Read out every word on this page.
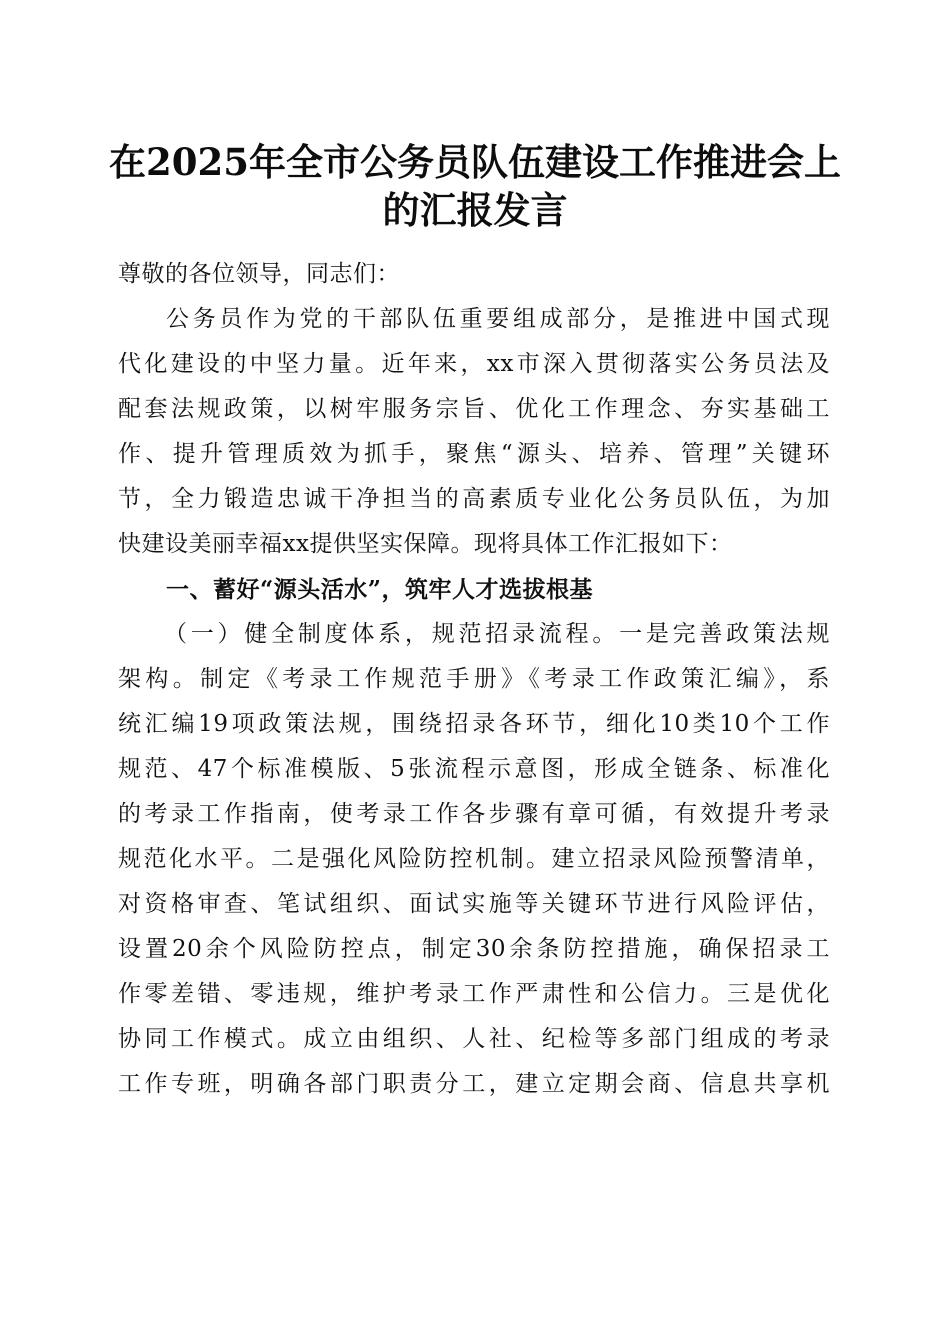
在2025年全市公务员队伍建设工作推进会上
的汇报发言
尊敬的各位领导，同志们：
公务员作为党的干部队伍重要组成部分，是推进中国式现
代化建设的中坚力量。近年来，xx市深入贯彻落实公务员法及
配套法规政策，以树牢服务宗旨、优化工作理念、夯实基础工
作、提升管理质效为抓手，聚焦“源头、培养、管理”关键环
节，全力锻造忠诚干净担当的高素质专业化公务员队伍，为加
快建设美丽幸福xx提供坚实保障。现将具体工作汇报如下：
一、蓄好“源头活水”，筑牢人才选拔根基
（一）健全制度体系，规范招录流程。一是完善政策法规
架构。制定《考录工作规范手册》《考录工作政策汇编》，系
统汇编19项政策法规，围绕招录各环节，细化10类10个工作
规范、47个标准模版、5张流程示意图，形成全链条、标准化
的考录工作指南，使考录工作各步骤有章可循，有效提升考录
规范化水平。二是强化风险防控机制。建立招录风险预警清单，
对资格审查、笔试组织、面试实施等关键环节进行风险评估，
设置20余个风险防控点，制定30余条防控措施，确保招录工
作零差错、零违规，维护考录工作严肃性和公信力。三是优化
协同工作模式。成立由组织、人社、纪检等多部门组成的考录
工作专班，明确各部门职责分工，建立定期会商、信息共享机
